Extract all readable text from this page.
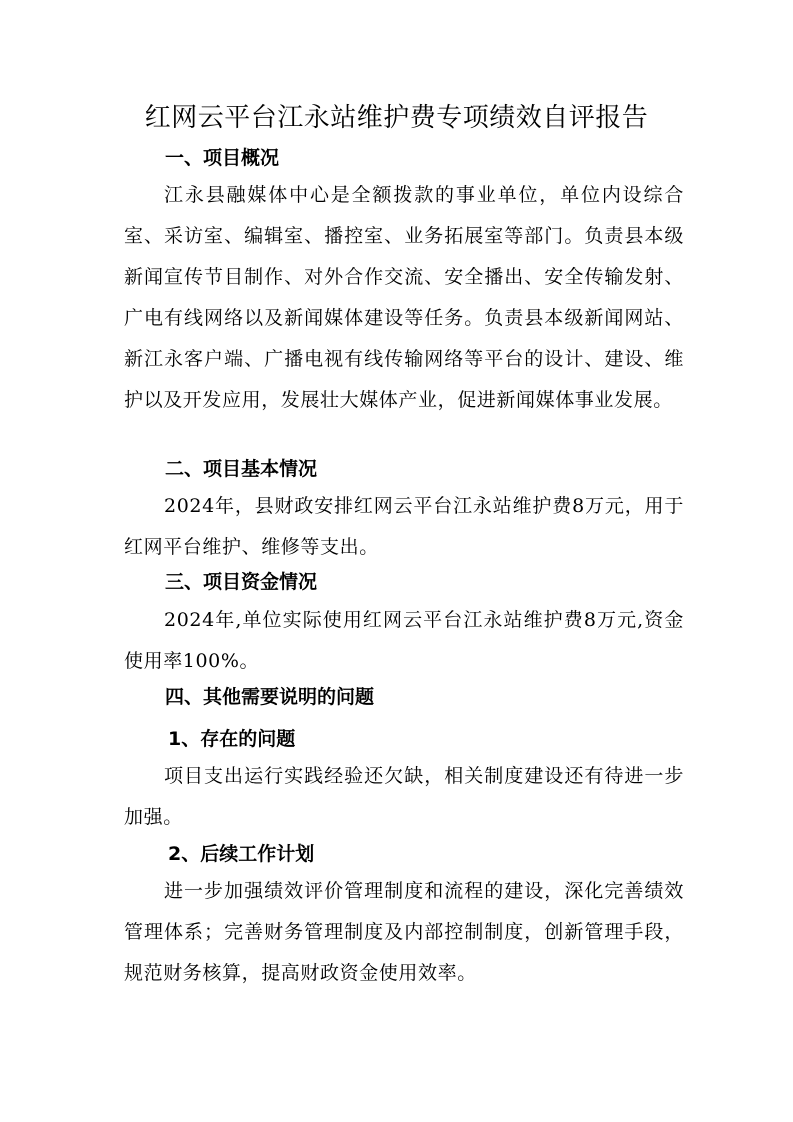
红网云平台江永站维护费专项绩效自评报告
一、项目概况

江永县融媒体中心是全额拨款的事业单位，单位内设综合室、采访室、编辑室、播控室、业务拓展室等部门。负责县本级新闻宣传节目制作、对外合作交流、安全播出、安全传输发射、广电有线网络以及新闻媒体建设等任务。负责县本级新闻网站、新江永客户端、广播电视有线传输网络等平台的设计、建设、维护以及开发应用，发展壮大媒体产业，促进新闻媒体事业发展。

二、项目基本情况

2024年，县财政安排红网云平台江永站维护费8万元，用于红网平台维护、维修等支出。

三、项目资金情况

2024年,单位实际使用红网云平台江永站维护费8万元,资金使用率100%。

四、其他需要说明的问题
1、存在的问题

项目支出运行实践经验还欠缺，相关制度建设还有待进一步加强。

2、后续工作计划

进一步加强绩效评价管理制度和流程的建设，深化完善绩效管理体系；完善财务管理制度及内部控制制度，创新管理手段，规范财务核算，提高财政资金使用效率。
